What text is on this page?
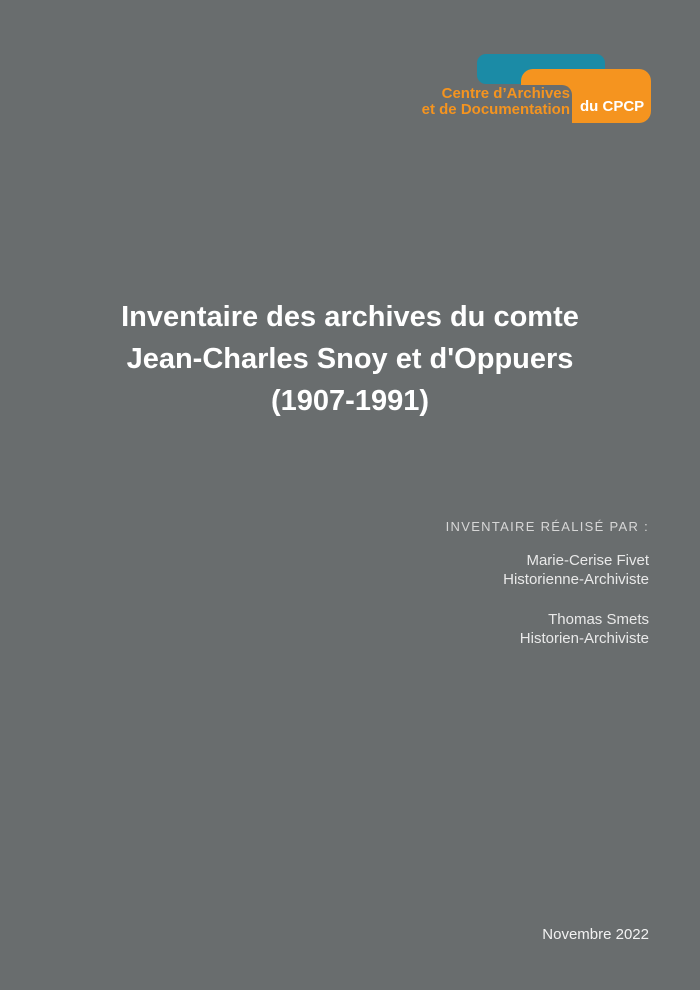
Centre d’Archives
et de Documentation du CPCP
Inventaire des archives du comte
Jean-Charles Snoy et d'Oppuers
(1907-1991)
INVENTAIRE RÉALISÉ PAR :
Marie-Cerise Fivet
Historienne-Archiviste
Thomas Smets
Historien-Archiviste
Novembre 2022
